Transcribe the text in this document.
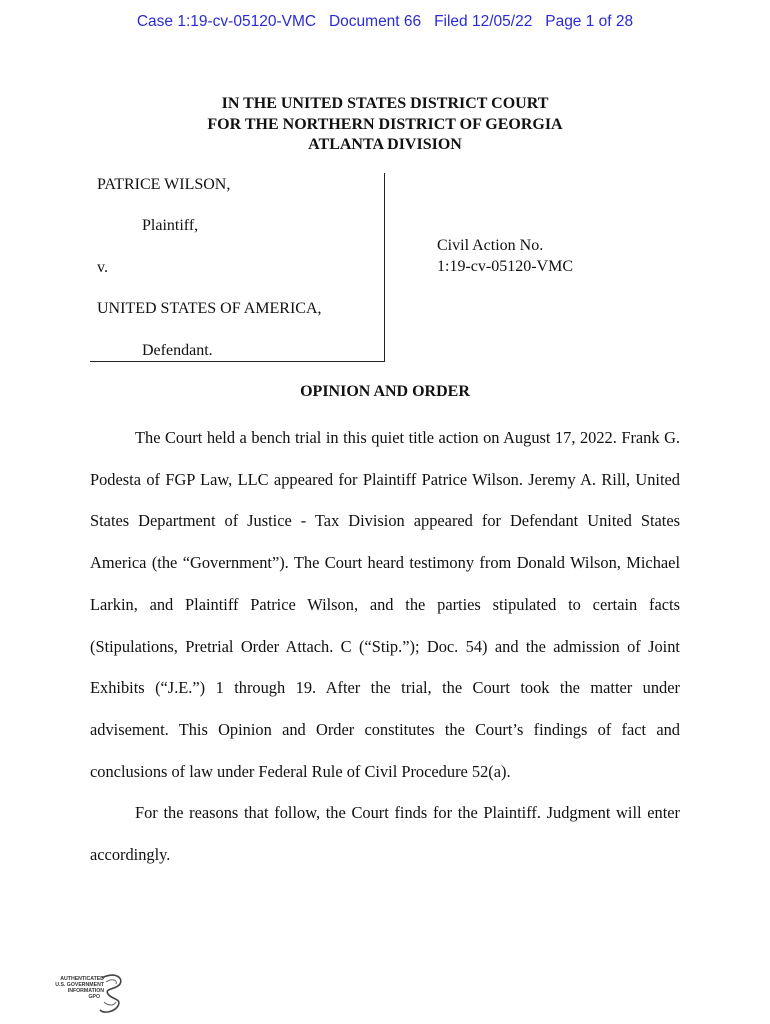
Case 1:19-cv-05120-VMC   Document 66   Filed 12/05/22   Page 1 of 28
IN THE UNITED STATES DISTRICT COURT
FOR THE NORTHERN DISTRICT OF GEORGIA
ATLANTA DIVISION
PATRICE WILSON,
Plaintiff,
v.
UNITED STATES OF AMERICA,
Defendant.
Civil Action No.
1:19-cv-05120-VMC
OPINION AND ORDER

The Court held a bench trial in this quiet title action on August 17, 2022. Frank G. Podesta of FGP Law, LLC appeared for Plaintiff Patrice Wilson. Jeremy A. Rill, United States Department of Justice - Tax Division appeared for Defendant United States America (the “Government”). The Court heard testimony from Donald Wilson, Michael Larkin, and Plaintiff Patrice Wilson, and the parties stipulated to certain facts (Stipulations, Pretrial Order Attach. C (“Stip.”); Doc. 54) and the admission of Joint Exhibits (“J.E.”) 1 through 19. After the trial, the Court took the matter under advisement. This Opinion and Order constitutes the Court’s findings of fact and conclusions of law under Federal Rule of Civil Procedure 52(a).

For the reasons that follow, the Court finds for the Plaintiff. Judgment will enter accordingly.

AUTHENTICATED
U.S. GOVERNMENT
INFORMATION
GPO
